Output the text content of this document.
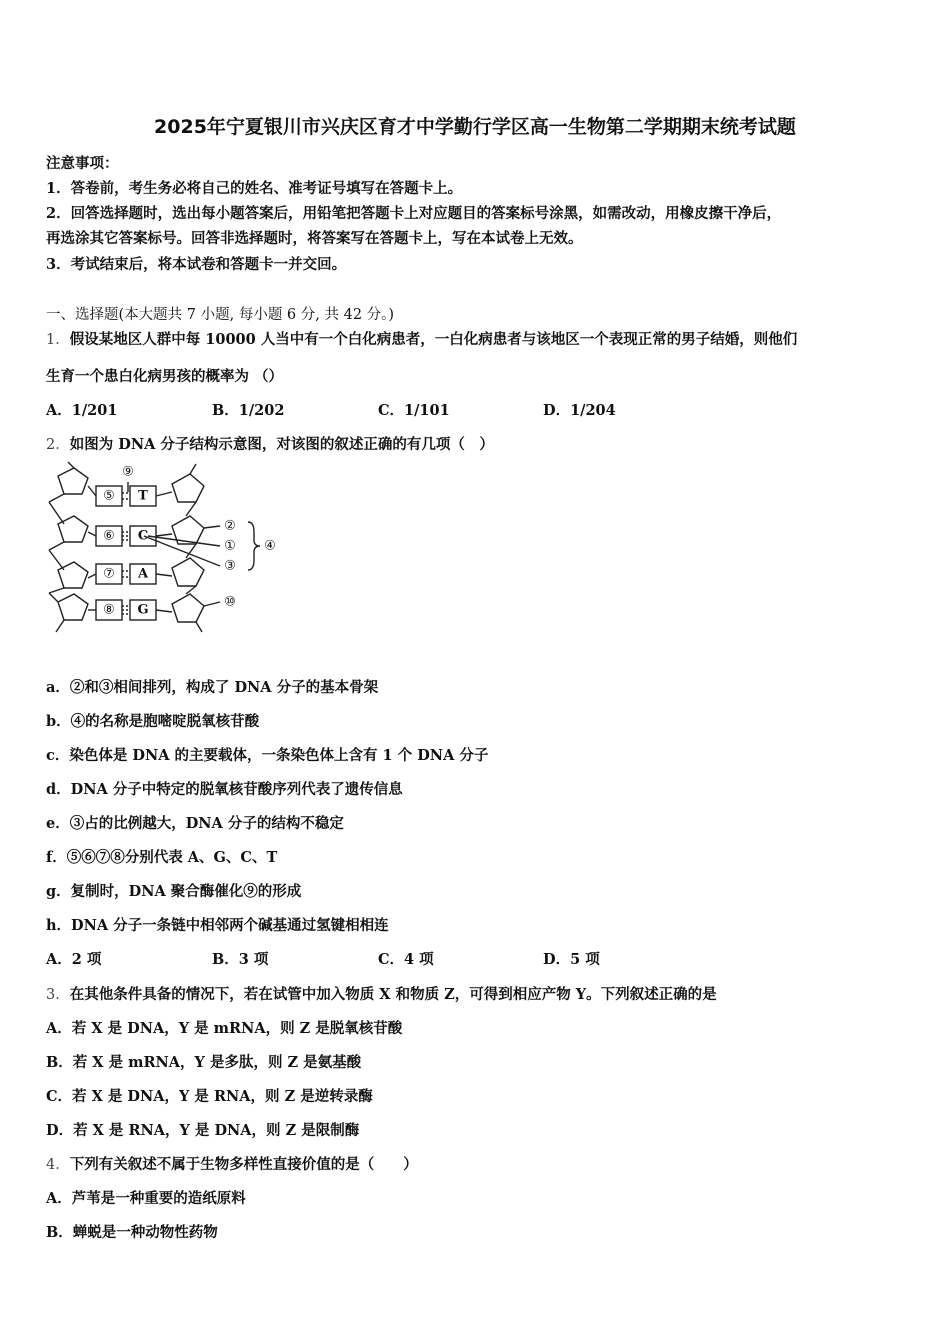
2025年宁夏银川市兴庆区育才中学勤行学区高一生物第二学期期末统考试题
注意事项：
1．答卷前，考生务必将自己的姓名、准考证号填写在答题卡上。
2．回答选择题时，选出每小题答案后，用铅笔把答题卡上对应题目的答案标号涂黑，如需改动，用橡皮擦干净后，
再选涂其它答案标号。回答非选择题时，将答案写在答题卡上，写在本试卷上无效。
3．考试结束后，将本试卷和答题卡一并交回。
一、选择题(本大题共 7 小题, 每小题 6 分, 共 42 分。)
1．假设某地区人群中每 10000 人当中有一个白化病患者，一白化病患者与该地区一个表现正常的男子结婚，则他们
生育一个患白化病男孩的概率为 （）
A．1/201	B．1/202	C．1/101	D．1/204
2．如图为 DNA 分子结构示意图，对该图的叙述正确的有几项（　）
⑤
⑥
⑦
⑧
T
C
A
G
⑨
②
①
③
④
⑩
a．②和③相间排列，构成了 DNA 分子的基本骨架
b．④的名称是胞嘧啶脱氧核苷酸
c．染色体是 DNA 的主要载体，一条染色体上含有 1 个 DNA 分子
d．DNA 分子中特定的脱氧核苷酸序列代表了遗传信息
e．③占的比例越大，DNA 分子的结构不稳定
f．⑤⑥⑦⑧分别代表 A、G、C、T
g．复制时，DNA 聚合酶催化⑨的形成
h．DNA 分子一条链中相邻两个碱基通过氢键相相连
A．2 项	B．3 项	C．4 项	D．5 项
3．在其他条件具备的情况下，若在试管中加入物质 X 和物质 Z，可得到相应产物 Y。下列叙述正确的是
A．若 X 是 DNA，Y 是 mRNA，则 Z 是脱氧核苷酸
B．若 X 是 mRNA，Y 是多肽，则 Z 是氨基酸
C．若 X 是 DNA，Y 是 RNA，则 Z 是逆转录酶
D．若 X 是 RNA，Y 是 DNA，则 Z 是限制酶
4．下列有关叙述不属于生物多样性直接价值的是（　　）
A．芦苇是一种重要的造纸原料
B．蝉蜕是一种动物性药物
